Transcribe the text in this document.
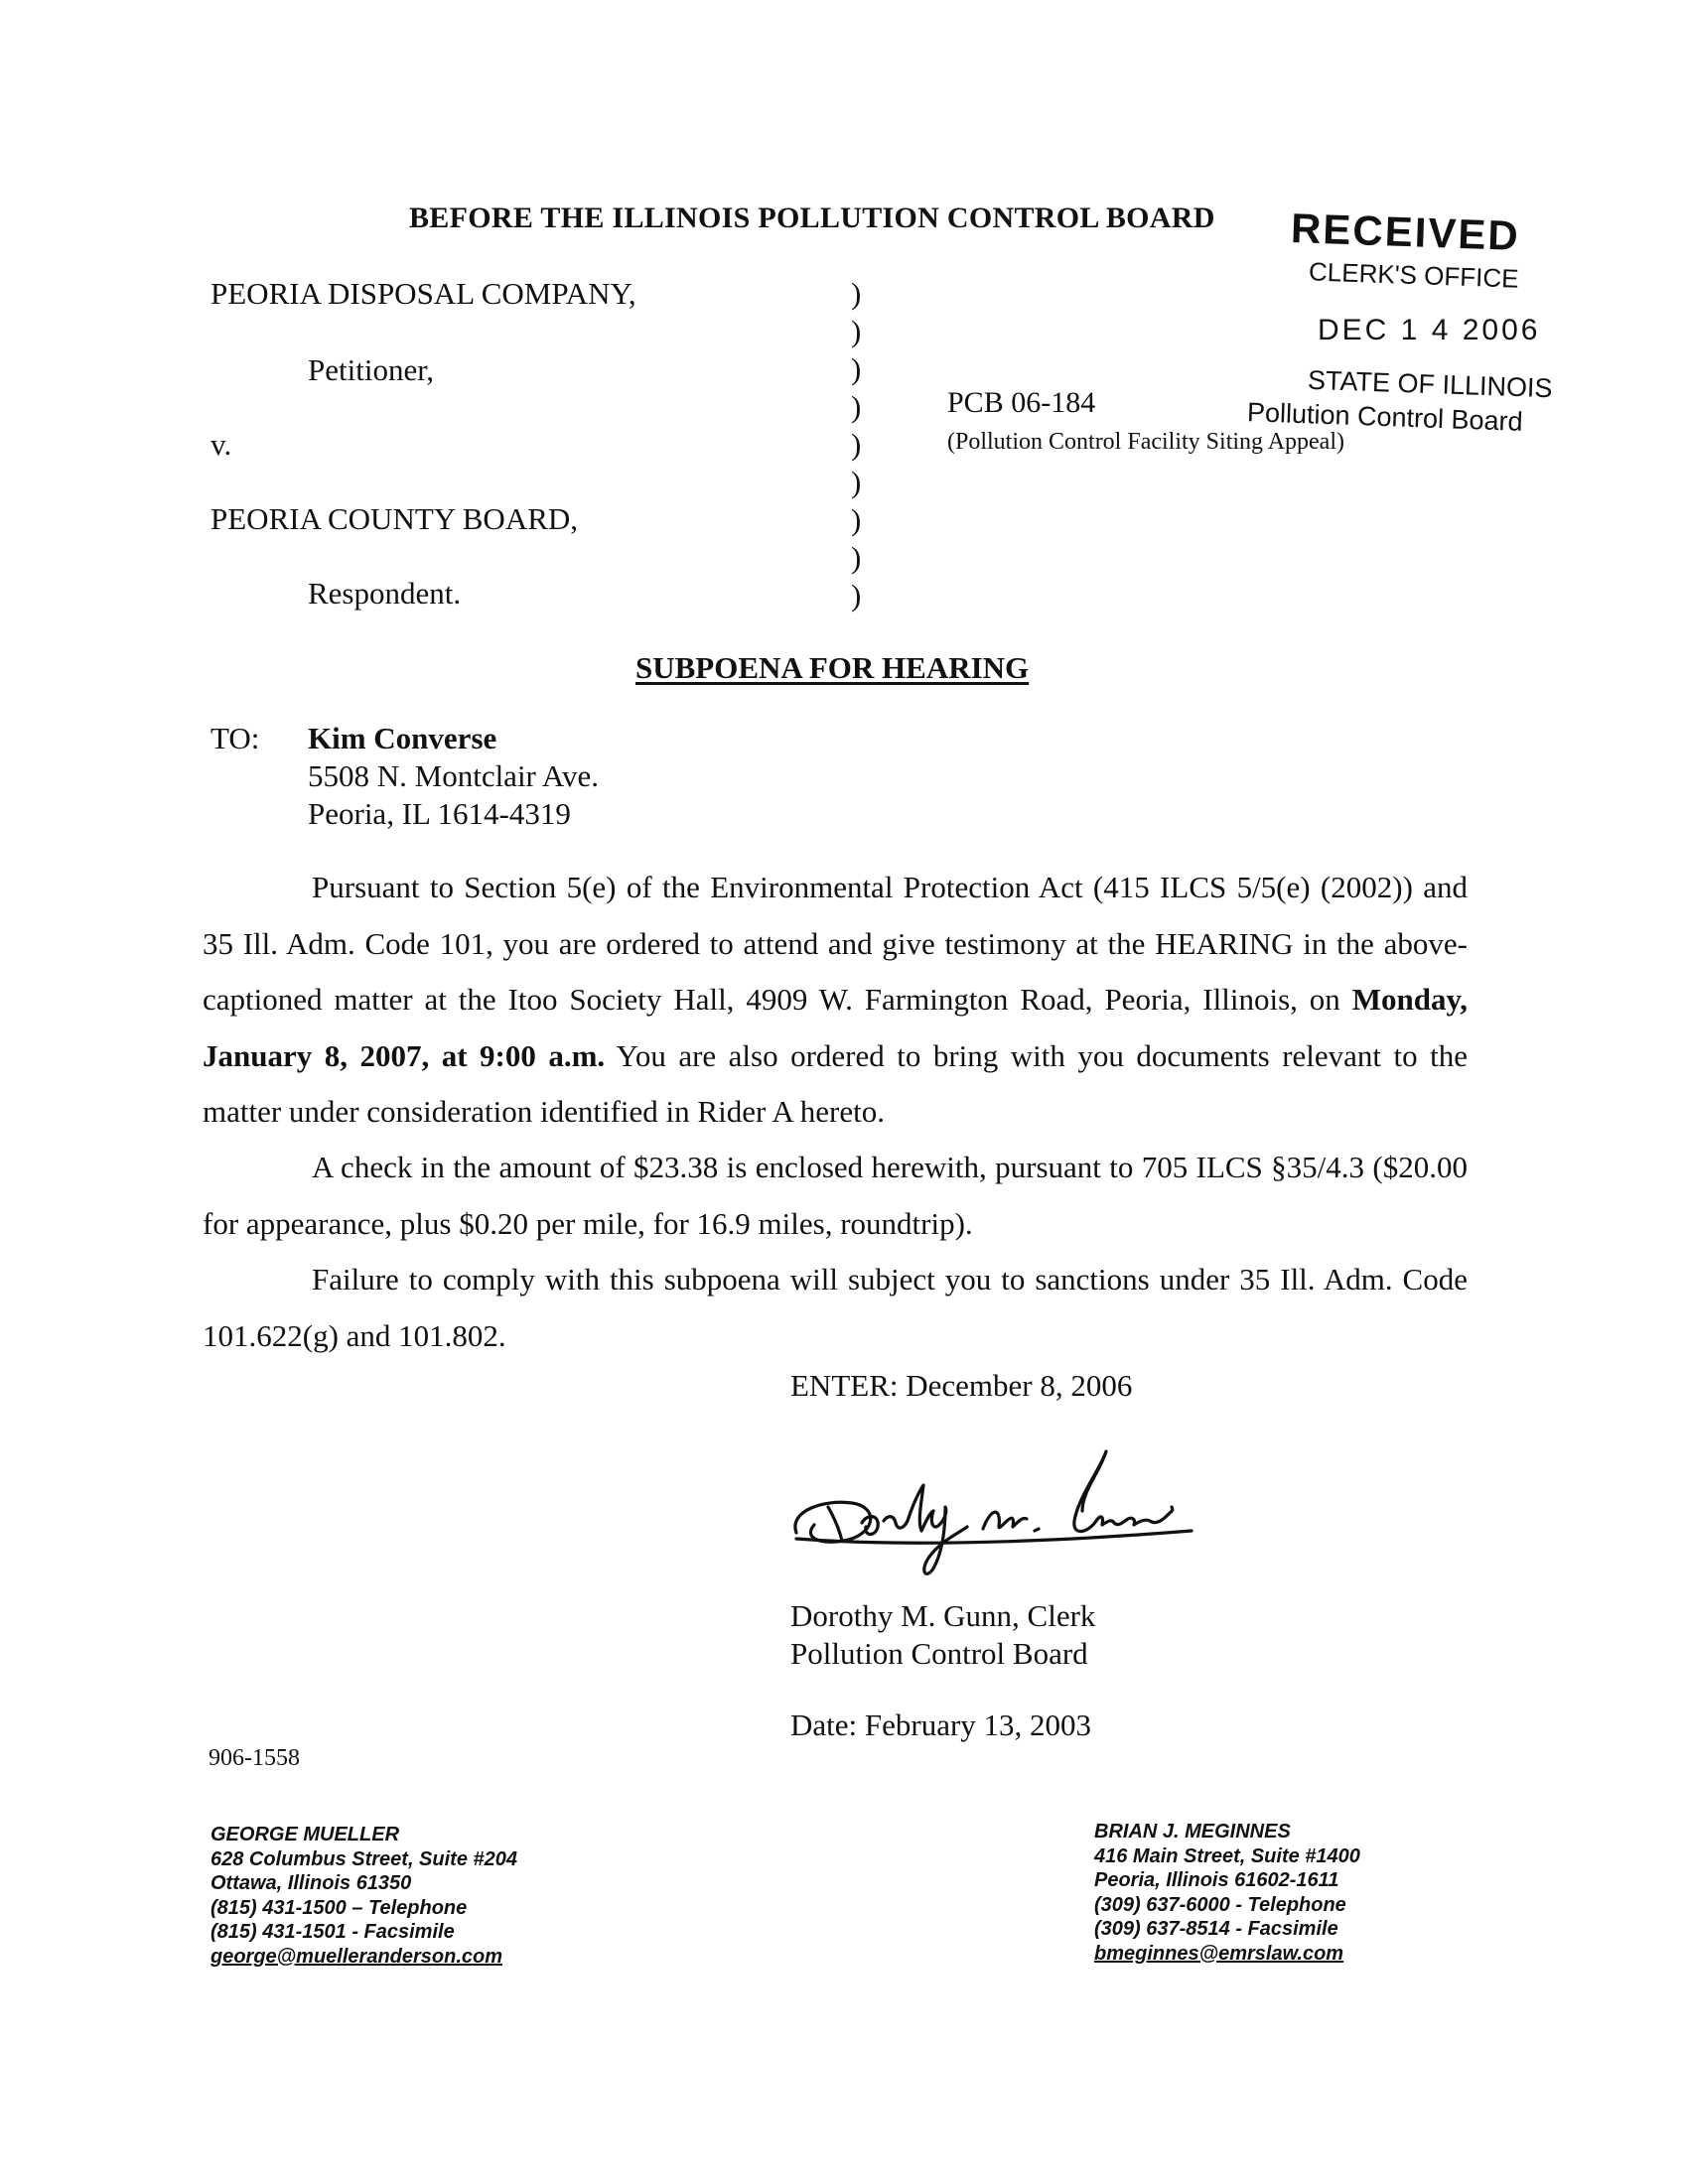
BEFORE THE ILLINOIS POLLUTION CONTROL BOARD RECEIVED
CLERK'S OFFICE
DEC 1 4 2006
STATE OF ILLINOIS
Pollution Control Board
PEORIA DISPOSAL COMPANY,
Petitioner,
v.
PEORIA COUNTY BOARD,
Respondent.
)
)
)
)
)
)
)
)
)
PCB 06-184
(Pollution Control Facility Siting Appeal)
SUBPOENA FOR HEARING
TO: Kim Converse
5508 N. Montclair Ave.
Peoria, IL 1614-4319
Pursuant to Section 5(e) of the Environmental Protection Act (415 ILCS 5/5(e) (2002)) and 35 Ill. Adm. Code 101, you are ordered to attend and give testimony at the HEARING in the above-captioned matter at the Itoo Society Hall, 4909 W. Farmington Road, Peoria, Illinois, on Monday, January 8, 2007, at 9:00 a.m. You are also ordered to bring with you documents relevant to the matter under consideration identified in Rider A hereto.
A check in the amount of $23.38 is enclosed herewith, pursuant to 705 ILCS §35/4.3 ($20.00 for appearance, plus $0.20 per mile, for 16.9 miles, roundtrip).
Failure to comply with this subpoena will subject you to sanctions under 35 Ill. Adm. Code 101.622(g) and 101.802.
ENTER: December 8, 2006
Dorothy M. Gunn, Clerk
Pollution Control Board
Date: February 13, 2003
906-1558
GEORGE MUELLER
628 Columbus Street, Suite #204
Ottawa, Illinois 61350
(815) 431-1500 – Telephone
(815) 431-1501 - Facsimile
george@muelleranderson.com
BRIAN J. MEGINNES
416 Main Street, Suite #1400
Peoria, Illinois 61602-1611
(309) 637-6000 - Telephone
(309) 637-8514 - Facsimile
bmeginnes@emrslaw.com
